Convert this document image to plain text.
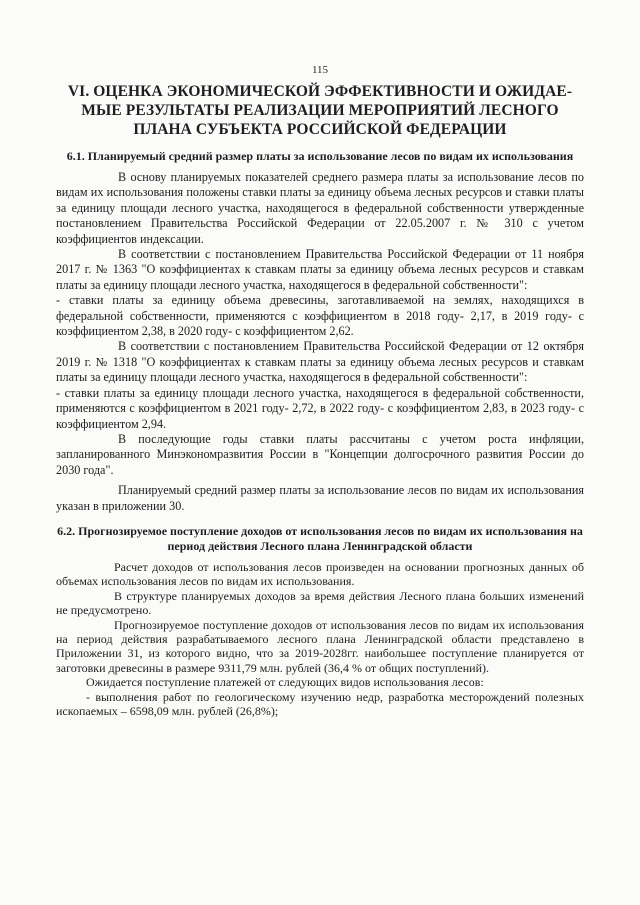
115
VI. ОЦЕНКА ЭКОНОМИЧЕСКОЙ ЭФФЕКТИВНОСТИ И ОЖИДАЕ-МЫЕ РЕЗУЛЬТАТЫ РЕАЛИЗАЦИИ МЕРОПРИЯТИЙ ЛЕСНОГО ПЛАНА СУБЪЕКТА РОССИЙСКОЙ ФЕДЕРАЦИИ
6.1. Планируемый средний размер платы за использование лесов по видам их использования

В основу планируемых показателей среднего размера платы за использование лесов по видам их использования положены ставки платы за единицу объема лесных ресурсов и ставки платы за единицу площади лесного участка, находящегося в федеральной собственности утвержденные постановлением Правительства Российской Федерации от 22.05.2007 г. № 310 с учетом коэффициентов индексации.

В соответствии с постановлением Правительства Российской Федерации от 11 ноября 2017 г. № 1363 "О коэффициентах к ставкам платы за единицу объема лесных ресурсов и ставкам платы за единицу площади лесного участка, находящегося в федеральной собственности":

- ставки платы за единицу объема древесины, заготавливаемой на землях, находящихся в федеральной собственности, применяются с коэффициентом в 2018 году- 2,17, в 2019 году- с коэффициентом 2,38, в 2020 году- с коэффициентом 2,62.

В соответствии с постановлением Правительства Российской Федерации от 12 октября 2019 г. № 1318 "О коэффициентах к ставкам платы за единицу объема лесных ресурсов и ставкам платы за единицу площади лесного участка, находящегося в федеральной собственности":

- ставки платы за единицу площади лесного участка, находящегося в федеральной собственности, применяются с коэффициентом в 2021 году- 2,72, в 2022 году- с коэффициентом 2,83, в 2023 году- с коэффициентом 2,94.

В последующие годы ставки платы рассчитаны с учетом роста инфляции, запланированного Минэкономразвития России в "Концепции долгосрочного развития России до 2030 года".

Планируемый средний размер платы за использование лесов по видам их использования указан в приложении 30.

6.2. Прогнозируемое поступление доходов от использования лесов по видам их использования на период действия Лесного плана Ленинградской области

Расчет доходов от использования лесов произведен на основании прогнозных данных об объемах использования лесов по видам их использования.

В структуре планируемых доходов за время действия Лесного плана больших изменений не предусмотрено.

Прогнозируемое поступление доходов от использования лесов по видам их использования на период действия разрабатываемого лесного плана Ленинградской области представлено в Приложении 31, из которого видно, что за 2019-2028гг. наибольшее поступление планируется от заготовки древесины в размере 9311,79 млн. рублей (36,4 % от общих поступлений).

Ожидается поступление платежей от следующих видов использования лесов:

- выполнения работ по геологическому изучению недр, разработка месторождений полезных ископаемых – 6598,09 млн. рублей (26,8%);
